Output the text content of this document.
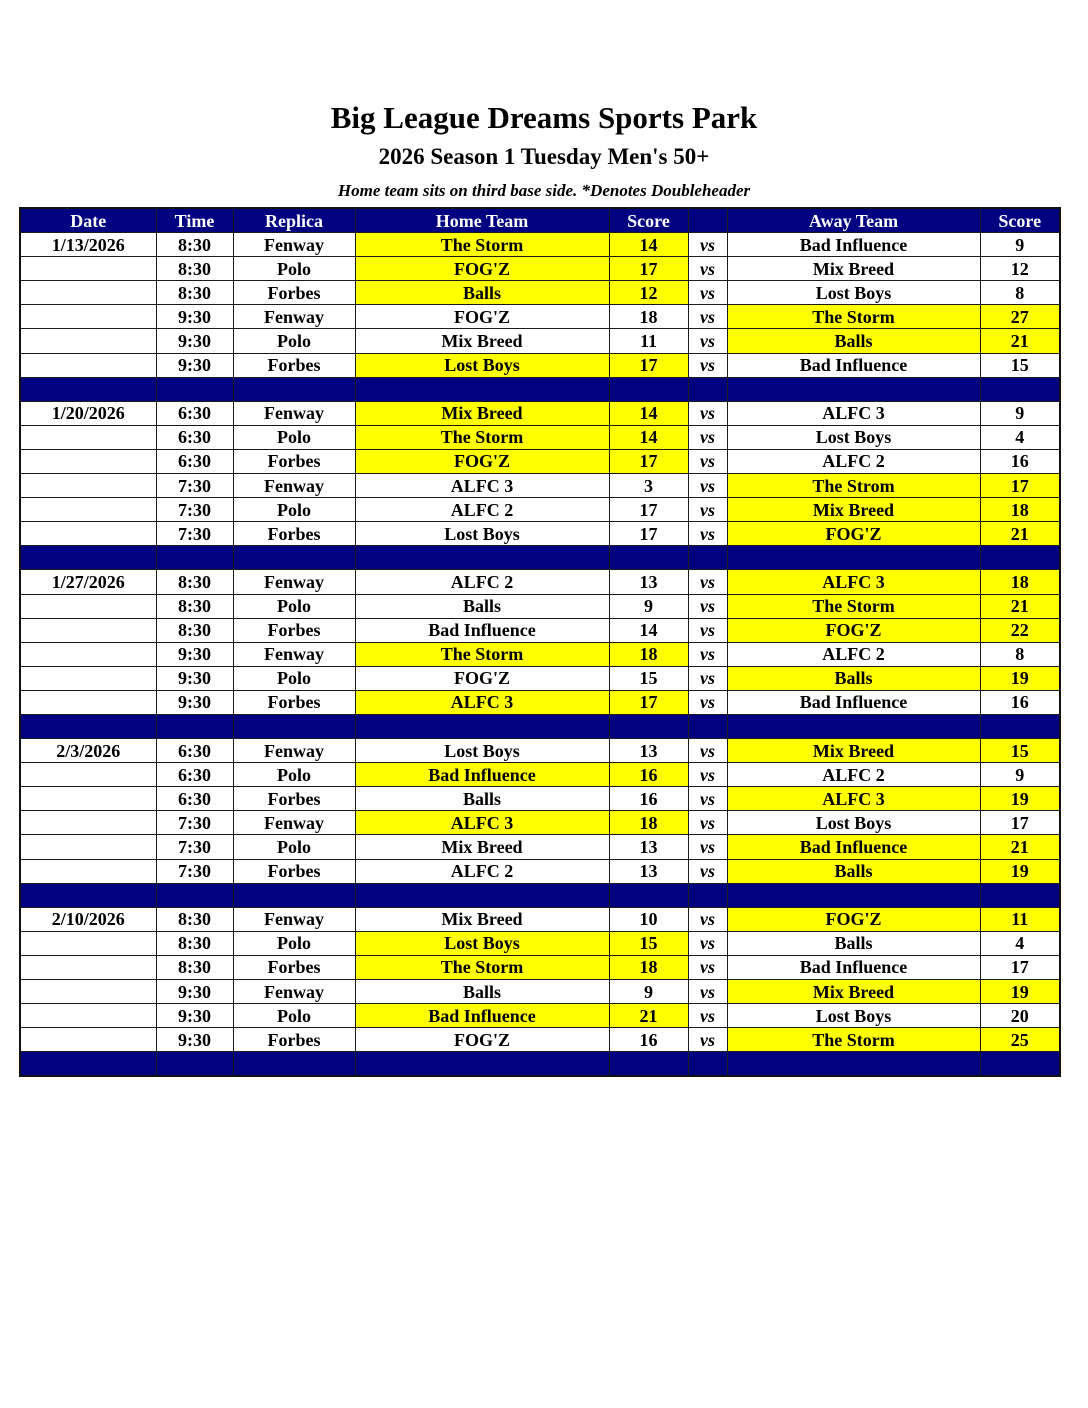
Big League Dreams Sports Park
2026 Season 1 Tuesday Men's 50+
Home team sits on third base side. *Denotes Doubleheader
Date	Time	Replica	Home Team	Score		Away Team	Score
1/13/2026	8:30	Fenway	The Storm	14	vs	Bad Influence	9
	8:30	Polo	FOG'Z	17	vs	Mix Breed	12
	8:30	Forbes	Balls	12	vs	Lost Boys	8
	9:30	Fenway	FOG'Z	18	vs	The Storm	27
	9:30	Polo	Mix Breed	11	vs	Balls	21
	9:30	Forbes	Lost Boys	17	vs	Bad Influence	15

1/20/2026	6:30	Fenway	Mix Breed	14	vs	ALFC 3	9
	6:30	Polo	The Storm	14	vs	Lost Boys	4
	6:30	Forbes	FOG'Z	17	vs	ALFC 2	16
	7:30	Fenway	ALFC 3	3	vs	The Strom	17
	7:30	Polo	ALFC 2	17	vs	Mix Breed	18
	7:30	Forbes	Lost Boys	17	vs	FOG'Z	21

1/27/2026	8:30	Fenway	ALFC 2	13	vs	ALFC 3	18
	8:30	Polo	Balls	9	vs	The Storm	21
	8:30	Forbes	Bad Influence	14	vs	FOG'Z	22
	9:30	Fenway	The Storm	18	vs	ALFC 2	8
	9:30	Polo	FOG'Z	15	vs	Balls	19
	9:30	Forbes	ALFC 3	17	vs	Bad Influence	16

2/3/2026	6:30	Fenway	Lost Boys	13	vs	Mix Breed	15
	6:30	Polo	Bad Influence	16	vs	ALFC 2	9
	6:30	Forbes	Balls	16	vs	ALFC 3	19
	7:30	Fenway	ALFC 3	18	vs	Lost Boys	17
	7:30	Polo	Mix Breed	13	vs	Bad Influence	21
	7:30	Forbes	ALFC 2	13	vs	Balls	19

2/10/2026	8:30	Fenway	Mix Breed	10	vs	FOG'Z	11
	8:30	Polo	Lost Boys	15	vs	Balls	4
	8:30	Forbes	The Storm	18	vs	Bad Influence	17
	9:30	Fenway	Balls	9	vs	Mix Breed	19
	9:30	Polo	Bad Influence	21	vs	Lost Boys	20
	9:30	Forbes	FOG'Z	16	vs	The Storm	25
